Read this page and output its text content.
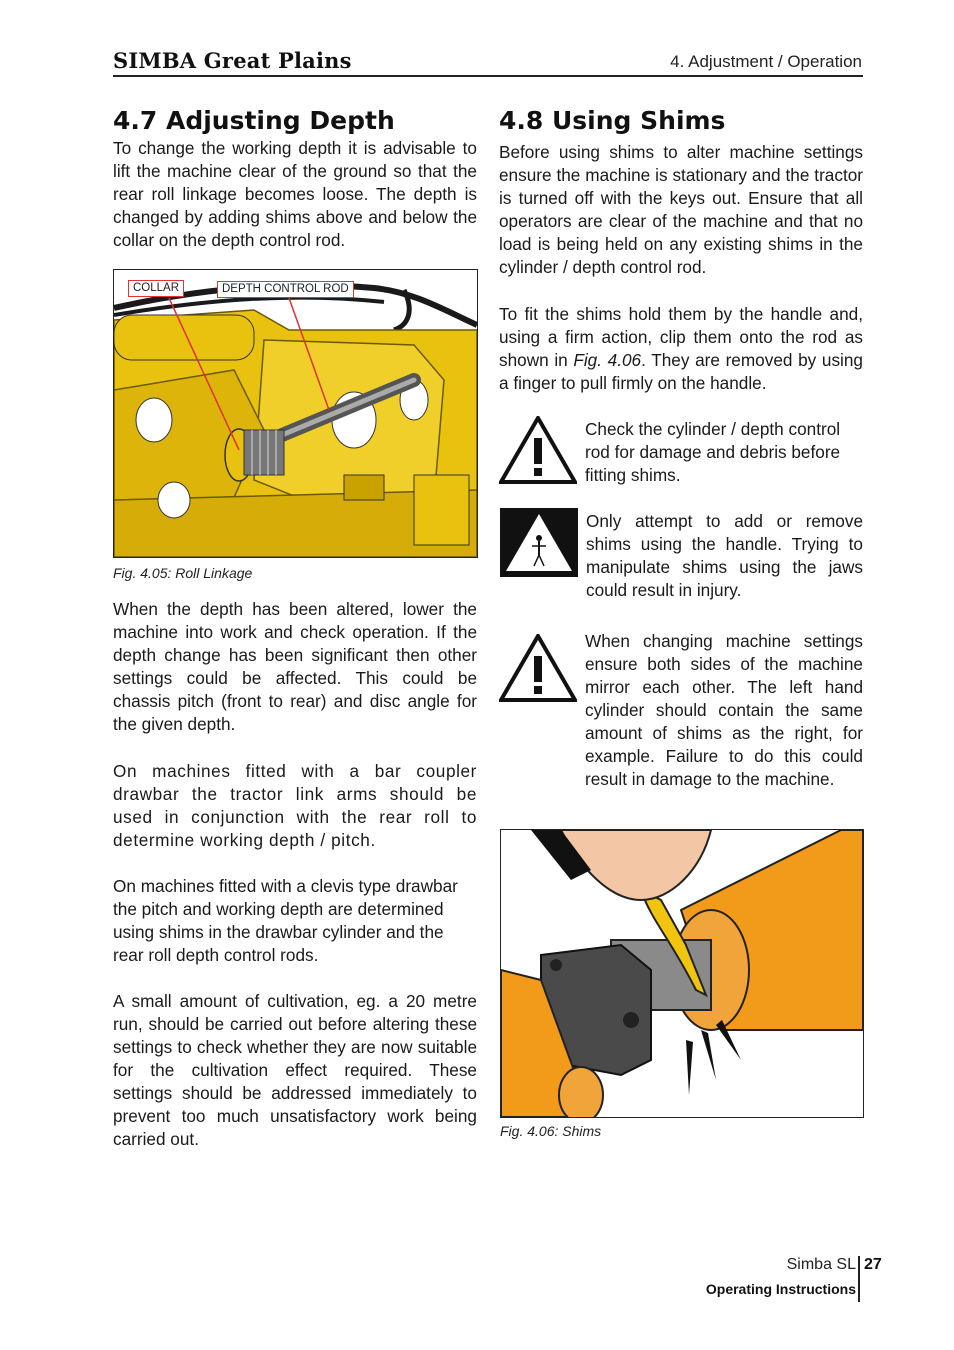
SIMBA Great Plains	4. Adjustment / Operation
4.7 Adjusting Depth

To change the working depth it is advisable to lift the machine clear of the ground so that the rear roll linkage becomes loose. The depth is changed by adding shims above and below the collar on the depth control rod.

COLLAR	DEPTH CONTROL ROD
Fig. 4.05: Roll Linkage

When the depth has been altered, lower the machine into work and check operation. If the depth change has been significant then other settings could be affected. This could be chassis pitch (front to rear) and disc angle for the given depth.

On machines fitted with a bar coupler drawbar the tractor link arms should be used in conjunction with the rear roll to determine working depth / pitch.

On machines fitted with a clevis type drawbar the pitch and working depth are determined using shims in the drawbar cylinder and the rear roll depth control rods.

A small amount of cultivation, eg. a 20 metre run, should be carried out before altering these settings to check whether they are now suitable for the cultivation effect required. These settings should be addressed immediately to prevent too much unsatisfactory work being carried out.

4.8 Using Shims

Before using shims to alter machine settings ensure the machine is stationary and the tractor is turned off with the keys out. Ensure that all operators are clear of the machine and that no load is being held on any existing shims in the cylinder / depth control rod.

To fit the shims hold them by the handle and, using a firm action, clip them onto the rod as shown in Fig. 4.06. They are removed by using a finger to pull firmly on the handle.

Check the cylinder / depth control rod for damage and debris before fitting shims.

Only attempt to add or remove shims using the handle. Trying to manipulate shims using the jaws could result in injury.

When changing machine settings ensure both sides of the machine mirror each other. The left hand cylinder should contain the same amount of shims as the right, for example. Failure to do this could result in damage to the machine.

Fig. 4.06: Shims
Simba SL 27
Operating Instructions
